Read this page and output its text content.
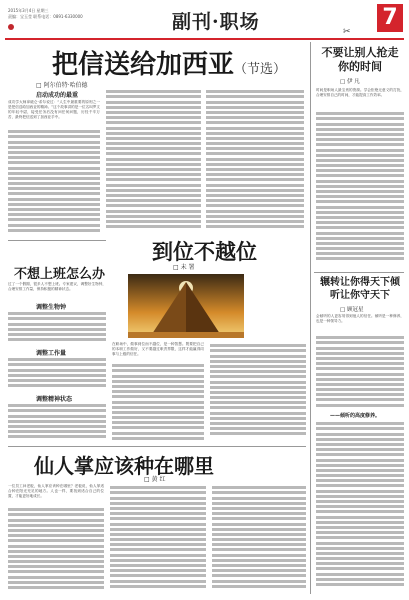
2015年3月4日 星期三
责编：宝玉莹 联系电话：0891-6330000	副刊·职场	7
把信送给加西亚（节选）
□ 阿尔伯特·哈伯德
启动成功的最重
成功学大师拿破仑·希尔说过：“人生中最重要的原则之一是把信送给加西亚的精神。”这个故事讲的是一位名叫罗文的年轻中尉，接受任务后没有问任何问题，历经千辛万苦，最终把信送到了加西亚手中。
不想上班怎么办
过了一个假期，很多人不想上班。专家建议，调整好生物钟，合理安排工作量，保持积极的精神状态。
调整生物钟
调整工作量
调整精神状态
到位不越位
□ 未 署
在职场中，做事到位而不越位，是一种智慧。既要把自己的本职工作做好，又不要越过职责界限，这样才能赢得同事与上级的信任。
仙人掌应该种在哪里
□ 黄 红
一位员工问老板，仙人掌应该种在哪里？老板说，仙人掌适合种在阳光充足的地方。人也一样，要找到适合自己的位置，才能更好地成长。
✂
不要让别人抢走你的时间
□ 伊 凡
时间是职场人最宝贵的资源。学会拒绝无意义的打扰，合理安排自己的时间，才能提高工作效率。
辗转让你得天下倾听让你守天下
□ 顾冠星
会倾听的人更容易得到他人的信任。倾听是一种修养，也是一种领导力。
——倾听的高度修养。
